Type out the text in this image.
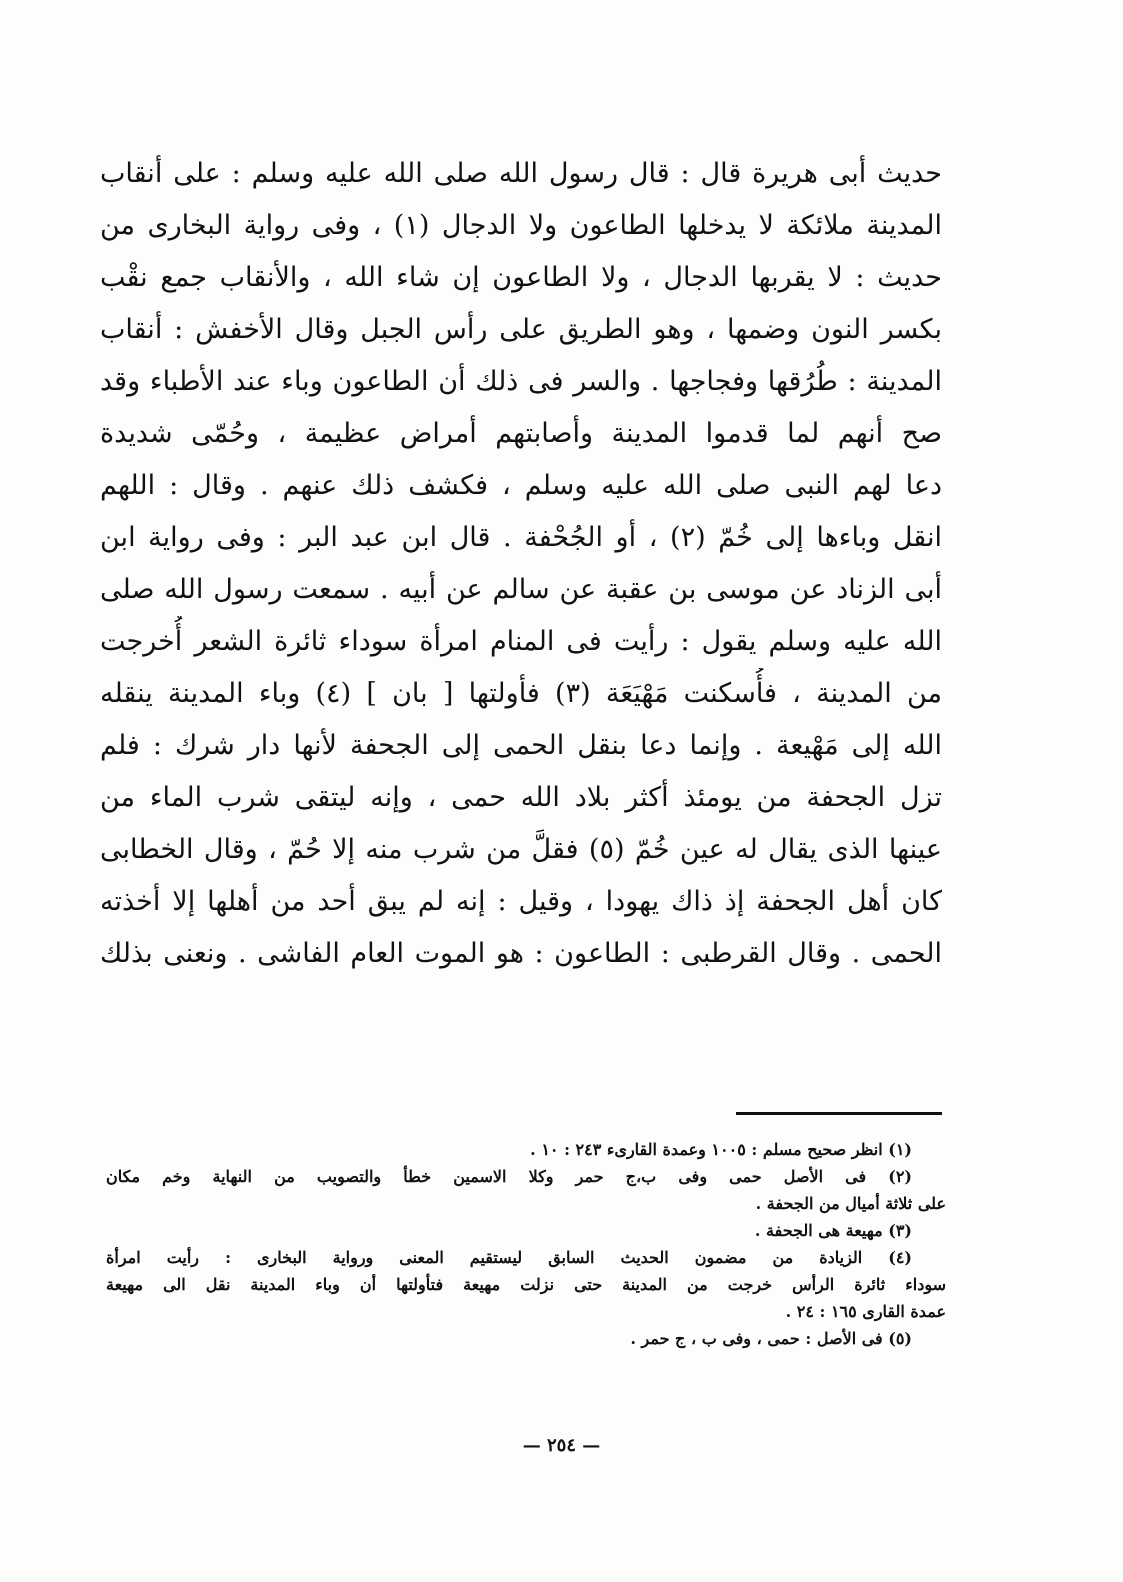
حديث أبى هريرة قال : قال رسول الله صلى الله عليه وسلم : على أنقاب
المدينة ملائكة لا يدخلها الطاعون ولا الدجال (١) ، وفى رواية البخارى من
حديث : لا يقربها الدجال ، ولا الطاعون إن شاء الله ، والأنقاب جمع نقْب
بكسر النون وضمها ، وهو الطريق على رأس الجبل وقال الأخفش : أنقاب
المدينة : طُرُقها وفجاجها . والسر فى ذلك أن الطاعون وباء عند الأطباء وقد
صح أنهم لما قدموا المدينة وأصابتهم أمراض عظيمة ، وحُمّى شديدة
دعا لهم النبى صلى الله عليه وسلم ، فكشف ذلك عنهم . وقال : اللهم
انقل وباءها إلى خُمّ (٢) ، أو الجُحْفة . قال ابن عبد البر : وفى رواية ابن
أبى الزناد عن موسى بن عقبة عن سالم عن أبيه . سمعت رسول الله صلى
الله عليه وسلم يقول : رأيت فى المنام امرأة سوداء ثائرة الشعر أُخرجت
من المدينة ، فأُسكنت مَهْيَعَة (٣) فأولتها [ بان ] (٤) وباء المدينة ينقله
الله إلى مَهْيعة . وإنما دعا بنقل الحمى إلى الجحفة لأنها دار شرك : فلم
تزل الجحفة من يومئذ أكثر بلاد الله حمى ، وإنه ليتقى شرب الماء من
عينها الذى يقال له عين خُمّ (٥) فقلَّ من شرب منه إلا حُمّ ، وقال الخطابى
كان أهل الجحفة إذ ذاك يهودا ، وقيل : إنه لم يبق أحد من أهلها إلا أخذته
الحمى . وقال القرطبى : الطاعون : هو الموت العام الفاشى . ونعنى بذلك
(١) انظر صحيح مسلم : ١٠٠٥ وعمدة القارىء ٢٤٣ : ١٠ .
(٢) فى الأصل حمى وفى ب،ج حمر وكلا الاسمين خطأ والتصويب من النهاية وخم مكان
على ثلاثة أميال من الجحفة .
(٣) مهيعة هى الجحفة .
(٤) الزيادة من مضمون الحديث السابق ليستقيم المعنى ورواية البخارى : رأيت امرأة
سوداء ثائرة الرأس خرجت من المدينة حتى نزلت مهيعة فتأولتها أن وباء المدينة نقل الى مهيعة
عمدة القارى ١٦٥ : ٢٤ .
(٥) فى الأصل : حمى ، وفى ب ، ج حمر .
— ٢٥٤ —
